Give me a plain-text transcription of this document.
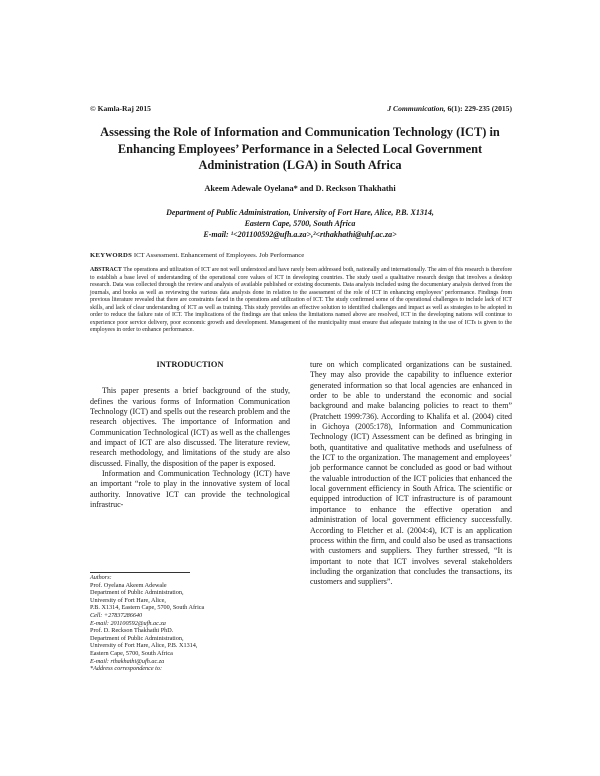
© Kamla-Raj 2015	J Communication, 6(1): 229-235 (2015)
Assessing the Role of Information and Communication Technology (ICT) in Enhancing Employees’ Performance in a Selected Local Government Administration (LGA) in South Africa
Akeem Adewale Oyelana* and D. Reckson Thakhathi
Department of Public Administration, University of Fort Hare, Alice, P.B. X1314,
Eastern Cape, 5700, South Africa
E-mail: ¹<201100592@ufh.a.za>,²<rthakhathi@uhf.ac.za>
KEYWORDS ICT Assessment. Enhancement of Employees. Job Performance
ABSTRACT The operations and utilization of ICT are not well understood and have rarely been addressed both, nationally and internationally. The aim of this research is therefore to establish a base level of understanding of the operational core values of ICT in developing countries. The study used a qualitative research design that involves a desktop research. Data was collected through the review and analysis of available published or existing documents. Data analysis included using the documentary analysis derived from the journals, and books as well as reviewing the various data analysis done in relation to the assessment of the role of ICT in enhancing employees’ performance. Findings from previous literature revealed that there are constraints faced in the operations and utilization of ICT. The study confirmed some of the operational challenges to include lack of ICT skills, and lack of clear understanding of ICT as well as training. This study provides an effective solution to identified challenges and impact as well as strategies to be adopted in order to reduce the failure rate of ICT. The implications of the findings are that unless the limitations named above are resolved, ICT in the developing nations will continue to experience poor service delivery, poor economic growth and development. Management of the municipality must ensure that adequate training in the use of ICTs is given to the employees in order to enhance performance.
INTRODUCTION

This paper presents a brief background of the study, defines the various forms of Information Communication Technology (ICT) and spells out the research problem and the research objectives. The importance of Information and Communication Technological (ICT) as well as the challenges and impact of ICT are also discussed. The literature review, research methodology, and limitations of the study are also discussed. Finally, the disposition of the paper is exposed.

Information and Communication Technology (ICT) have an important “role to play in the innovative system of local authority. Innovative ICT can provide the technological infrastruc-

ture on which complicated organizations can be sustained. They may also provide the capability to influence exterior generated information so that local agencies are enhanced in order to be able to understand the economic and social background and make balancing policies to react to them” (Pratchett 1999:736). According to Khalifa et al. (2004) cited in Gichoya (2005:178), Information and Communication Technology (ICT) Assessment can be defined as bringing in both, quantitative and qualitative methods and usefulness of the ICT to the organization. The management and employees’ job performance cannot be concluded as good or bad without the valuable introduction of the ICT policies that enhanced the local government efficiency in South Africa. The scientific or equipped introduction of ICT infrastructure is of paramount importance to enhance the effective operation and administration of local government efficiency successfully. According to Fletcher et al. (2004:4), ICT is an application process within the firm, and could also be used as transactions with customers and suppliers. They further stressed, “It is important to note that ICT involves several stakeholders including the organization that concludes the transactions, its customers and suppliers”.

Authors:
Prof. Oyelana Akeem Adewale
Department of Public Administration,
University of Fort Hare, Alice,
P.B. X1314, Eastern Cape, 5700, South Africa
Cell: +27837286640
E-mail: 201100592@ufh.ac.za
Prof. D. Reckson Thakhathi PhD.
Department of Public Administration,
University of Fort Hare, Alice, P.B. X1314,
Eastern Cape, 5700, South Africa
E-mail: rthakhathi@ufh.ac.za
*Address correspondence to:
